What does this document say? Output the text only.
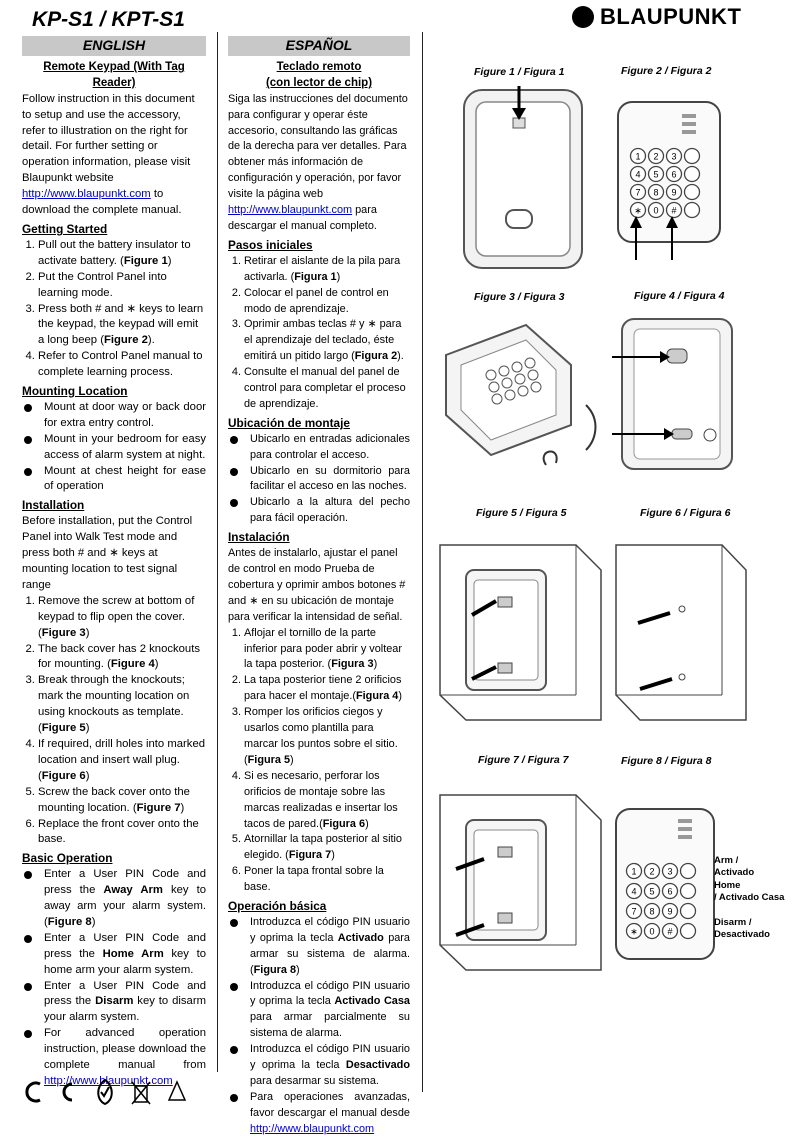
KP-S1 / KPT-S1	BLAUPUNKT
ENGLISH
Remote Keypad (With Tag Reader)

Follow instruction in this document to setup and use the accessory, refer to illustration on the right for detail. For further setting or operation information, please visit Blaupunkt website http://www.blaupunkt.com to download the complete manual.

Getting Started
1. Pull out the battery insulator to activate battery. (Figure 1)
2. Put the Control Panel into learning mode.
3. Press both # and ∗ keys to learn the keypad, the keypad will emit a long beep (Figure 2).
4. Refer to Control Panel manual to complete learning process.
Mounting Location
Mount at door way or back door for extra entry control.
Mount in your bedroom for easy access of alarm system at night.
Mount at chest height for ease of operation
Installation

Before installation, put the Control Panel into Walk Test mode and press both # and ∗ keys at mounting location to test signal range

1. Remove the screw at bottom of keypad to flip open the cover. (Figure 3)
2. The back cover has 2 knockouts for mounting. (Figure 4)
3. Break through the knockouts; mark the mounting location on using knockouts as template. (Figure 5)
4. If required, drill holes into marked location and insert wall plug. (Figure 6)
5. Screw the back cover onto the mounting location. (Figure 7)
6. Replace the front cover onto the base.
Basic Operation
Enter a User PIN Code and press the Away Arm key to away arm your alarm system. (Figure 8)
Enter a User PIN Code and press the Home Arm key to home arm your alarm system.
Enter a User PIN Code and press the Disarm key to disarm your alarm system.
For advanced operation instruction, please download the complete manual from http://www.blaupunkt.com
ESPAÑOL
Teclado remoto
(con lector de chip)

Siga las instrucciones del documento para configurar y operar éste accesorio, consultando las gráficas de la derecha para ver detalles. Para obtener más información de configuración y operación, por favor visite la página web http://www.blaupunkt.com para descargar el manual completo.

Pasos iniciales
1. Retirar el aislante de la pila para activarla. (Figura 1)
2. Colocar el panel de control en modo de aprendizaje.
3. Oprimir ambas teclas # y ∗ para el aprendizaje del teclado, éste emitirá un pitido largo (Figura 2).
4. Consulte el manual del panel de control para completar el proceso de aprendizaje.
Ubicación de montaje
Ubicarlo en entradas adicionales para controlar el acceso.
Ubicarlo en su dormitorio para facilitar el acceso en las noches.
Ubicarlo a la altura del pecho para fácil operación.
Instalación

Antes de instalarlo, ajustar el panel de control en modo Prueba de cobertura y oprimir ambos botones # and ∗ en su ubicación de montaje para verificar la intensidad de señal.

1. Aflojar el tornillo de la parte inferior para poder abrir y voltear la tapa posterior. (Figura 3)
2. La tapa posterior tiene 2 orificios para hacer el montaje.(Figura 4)
3. Romper los orificios ciegos y usarlos como plantilla para marcar los puntos sobre el sitio. (Figura 5)
4. Si es necesario, perforar los orificios de montaje sobre las marcas realizadas e insertar los tacos de pared.(Figura 6)
5. Atornillar la tapa posterior al sitio elegido. (Figura 7)
6. Poner la tapa frontal sobre la base.
Operación básica
Introduzca el código PIN usuario y oprima la tecla Activado para armar su sistema de alarma. (Figura 8)
Introduzca el código PIN usuario y oprima la tecla Activado Casa para armar parcialmente su sistema de alarma.
Introduzca el código PIN usuario y oprima la tecla Desactivado para desarmar su sistema.
Para operaciones avanzadas, favor descargar el manual desde http://www.blaupunkt.com
Figure 1 / Figura 1	Figure 2 / Figura 2
Figure 3 / Figura 3	Figure 4 / Figura 4
Figure 5 / Figura 5	Figure 6 / Figura 6
Figure 7 / Figura 7	Figure 8 / Figura 8
1 2 3
4 5 6
7 8 9
∗ 0 #
1 2 3
4 5 6
7 8 9
∗ 0 #
Arm /
Activado
Home
/ Activado Casa
Disarm /
Desactivado
